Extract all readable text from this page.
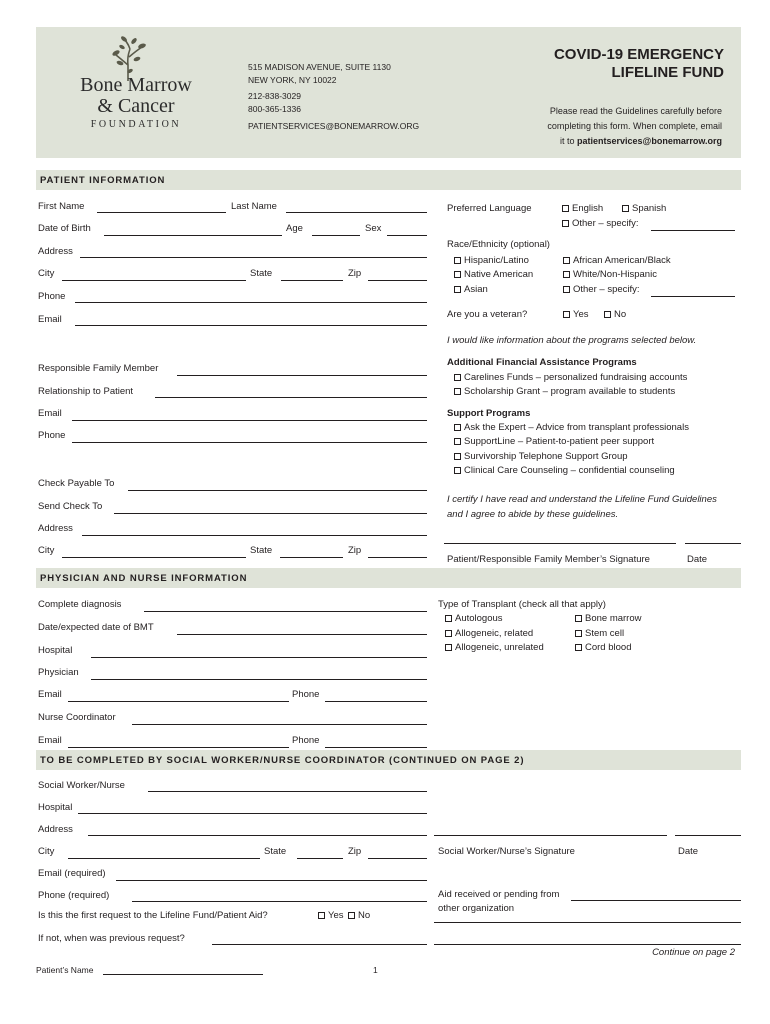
Bone Marrow
& Cancer
FOUNDATION
515 MADISON AVENUE, SUITE 1130
NEW YORK, NY 10022
212-838-3029
800-365-1336
PATIENTSERVICES@BONEMARROW.ORG
COVID-19 EMERGENCY
LIFELINE FUND
Please read the Guidelines carefully before
completing this form. When complete, email
it to patientservices@bonemarrow.org
PATIENT INFORMATION
First Name	Last Name
Date of Birth	Age	Sex
Address
City	State	Zip
Phone
Email
Preferred Language	English	Spanish
Other – specify:
Race/Ethnicity (optional)
Hispanic/Latino	African American/Black
Native American	White/Non-Hispanic
Asian	Other – specify:
Are you a veteran?	Yes	No
I would like information about the programs selected below.
Responsible Family Member
Relationship to Patient
Email
Phone
Additional Financial Assistance Programs
Carelines Funds – personalized fundraising accounts
Scholarship Grant – program available to students
Support Programs
Ask the Expert – Advice from transplant professionals
SupportLine – Patient-to-patient peer support
Survivorship Telephone Support Group
Clinical Care Counseling – confidential counseling
Check Payable To
Send Check To
Address
City	State	Zip
I certify I have read and understand the Lifeline Fund Guidelines
and I agree to abide by these guidelines.
Patient/Responsible Family Member’s Signature	Date
PHYSICIAN AND NURSE INFORMATION
Complete diagnosis
Date/expected date of BMT
Hospital
Physician
Email	Phone
Nurse Coordinator
Email	Phone
Type of Transplant (check all that apply)
Autologous	Bone marrow
Allogeneic, related	Stem cell
Allogeneic, unrelated	Cord blood
TO BE COMPLETED BY SOCIAL WORKER/NURSE COORDINATOR (CONTINUED ON PAGE 2)
Social Worker/Nurse
Hospital
Address
City	State	Zip
Email (required)
Phone (required)
Is this the first request to the Lifeline Fund/Patient Aid?	Yes	No
If not, when was previous request?
Social Worker/Nurse’s Signature	Date
Aid received or pending from
other organization
Continue on page 2
Patient’s Name	1
